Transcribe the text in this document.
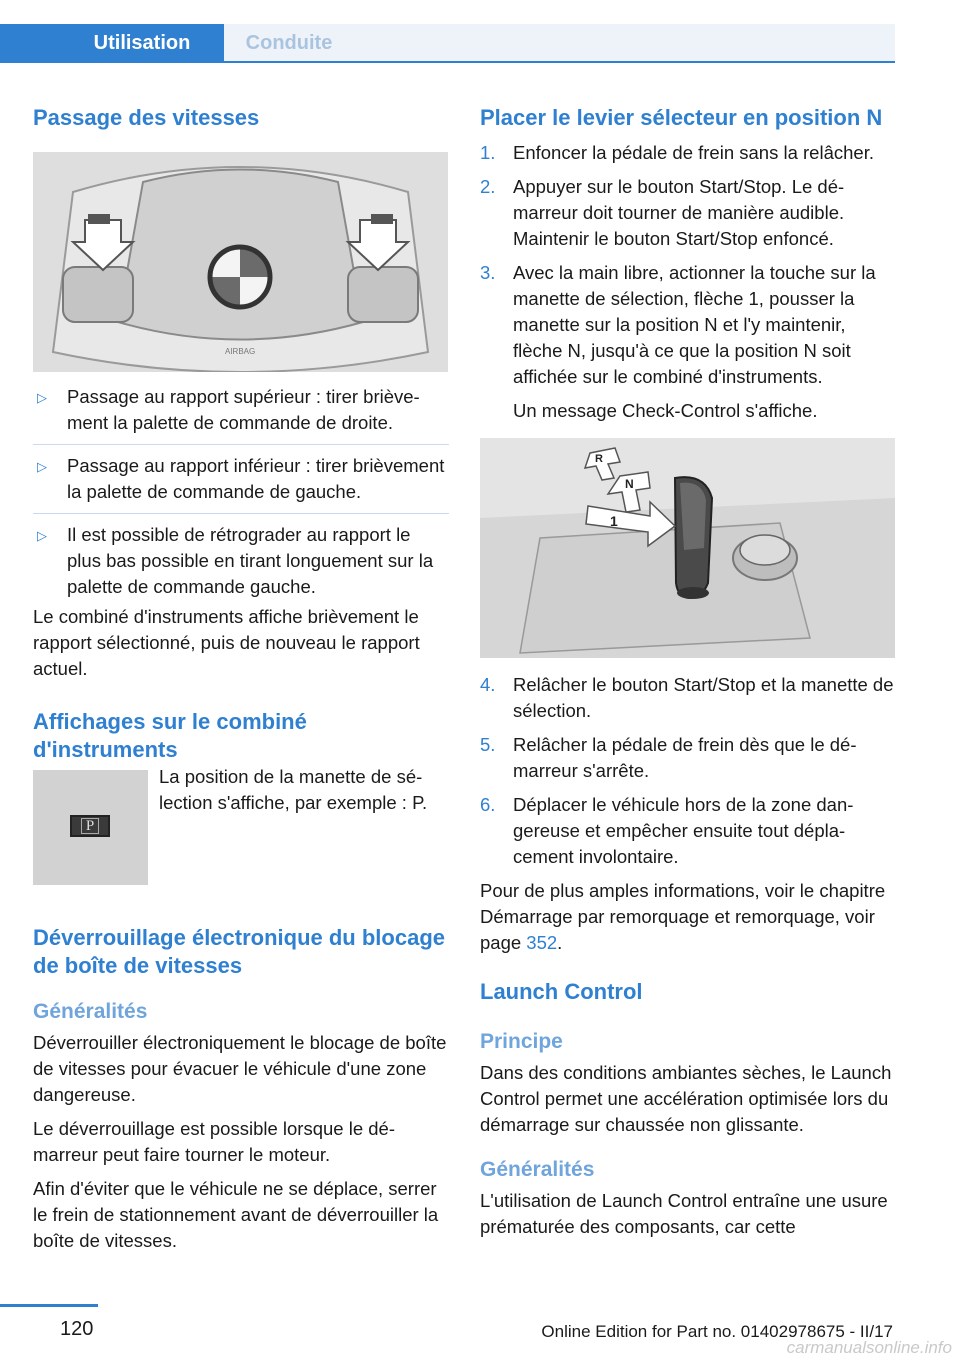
Utilisation	Conduite
Passage des vitesses
AIRBAG
▷ Passage au rapport supérieur : tirer brièvement la palette de commande de droite.
▷ Passage au rapport inférieur : tirer brièvement la palette de commande de gauche.
▷ Il est possible de rétrograder au rapport le plus bas possible en tirant longuement sur la palette de commande gauche.

Le combiné d'instruments affiche brièvement le rapport sélectionné, puis de nouveau le rapport actuel.

Affichages sur le combiné d'instruments
P

La position de la manette de sélection s'affiche, par exemple : P.

Déverrouillage électronique du blocage de boîte de vitesses
Généralités

Déverrouiller électroniquement le blocage de boîte de vitesses pour évacuer le véhicule d'une zone dangereuse.

Le déverrouillage est possible lorsque le démarreur peut faire tourner le moteur.

Afin d'éviter que le véhicule ne se déplace, serrer le frein de stationnement avant de déverrouiller la boîte de vitesses.

Placer le levier sélecteur en position N
1. Enfoncer la pédale de frein sans la relâcher.
2. Appuyer sur le bouton Start/Stop. Le démarreur doit tourner de manière audible. Maintenir le bouton Start/Stop enfoncé.
3. Avec la main libre, actionner la touche sur la manette de sélection, flèche 1, pousser la manette sur la position N et l'y maintenir, flèche N, jusqu'à ce que la position N soit affichée sur le combiné d'instruments.

Un message Check-Control s'affiche.

R
N
1
4. Relâcher le bouton Start/Stop et la manette de sélection.
5. Relâcher la pédale de frein dès que le démarreur s'arrête.
6. Déplacer le véhicule hors de la zone dangereuse et empêcher ensuite tout déplacement involontaire.

Pour de plus amples informations, voir le chapitre Démarrage par remorquage et remorquage, voir page 352.

Launch Control
Principe

Dans des conditions ambiantes sèches, le Launch Control permet une accélération optimisée lors du démarrage sur chaussée non glissante.

Généralités

L'utilisation de Launch Control entraîne une usure prématurée des composants, car cette

120	Online Edition for Part no. 01402978675 - II/17
carmanualsonline.info
